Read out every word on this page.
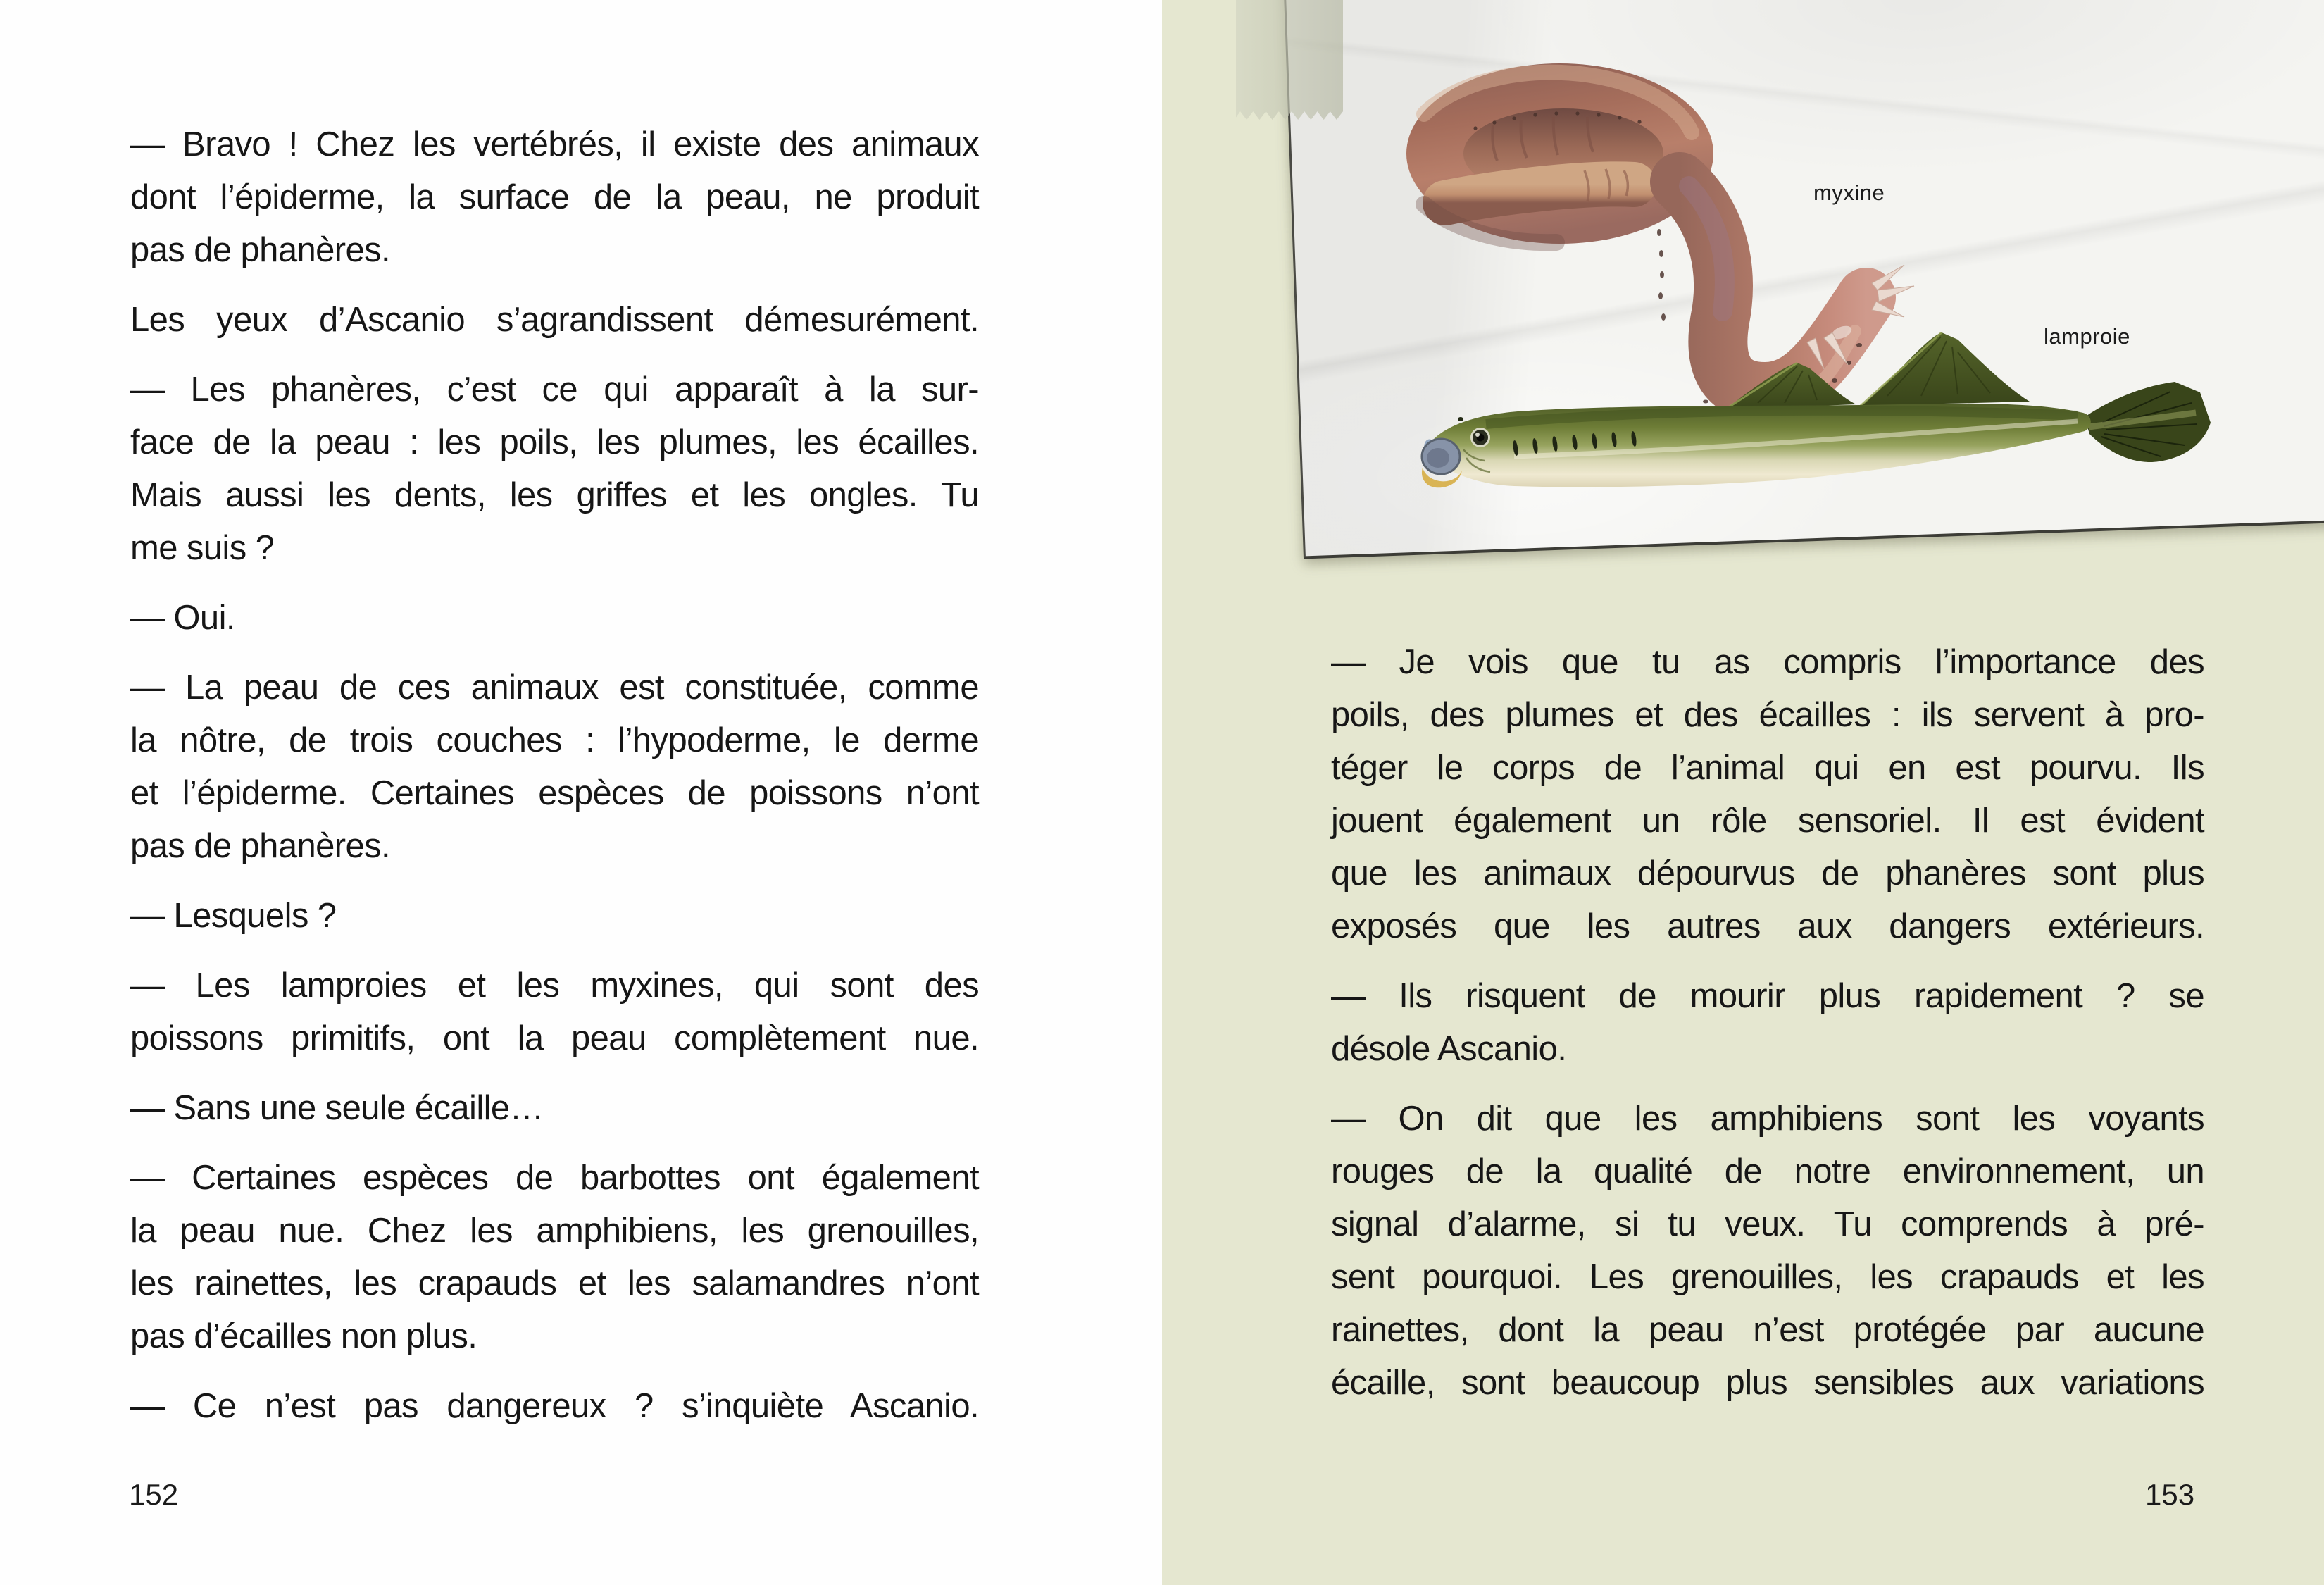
— Bravo ! Chez les vertébrés, il existe des animaux
dont l’épiderme, la surface de la peau, ne produit
pas de phanères.
Les yeux d’Ascanio s’agrandissent démesurément.
— Les phanères, c’est ce qui apparaît à la sur-
face de la peau : les poils, les plumes, les écailles.
Mais aussi les dents, les griffes et les ongles. Tu
me suis ?
— Oui.
— La peau de ces animaux est constituée, comme
la nôtre, de trois couches : l’hypoderme, le derme
et l’épiderme. Certaines espèces de poissons n’ont
pas de phanères.
— Lesquels ?
— Les lamproies et les myxines, qui sont des
poissons primitifs, ont la peau complètement nue.
— Sans une seule écaille…
— Certaines espèces de barbottes ont également
la peau nue. Chez les amphibiens, les grenouilles,
les rainettes, les crapauds et les salamandres n’ont
pas d’écailles non plus.
— Ce n’est pas dangereux ? s’inquiète Ascanio.
152
myxine
lamproie
— Je vois que tu as compris l’importance des
poils, des plumes et des écailles : ils servent à pro-
téger le corps de l’animal qui en est pourvu. Ils
jouent également un rôle sensoriel. Il est évident
que les animaux dépourvus de phanères sont plus
exposés que les autres aux dangers extérieurs.
— Ils risquent de mourir plus rapidement ? se
désole Ascanio.
— On dit que les amphibiens sont les voyants
rouges de la qualité de notre environnement, un
signal d’alarme, si tu veux. Tu comprends à pré-
sent pourquoi. Les grenouilles, les crapauds et les
rainettes, dont la peau n’est protégée par aucune
écaille, sont beaucoup plus sensibles aux variations
153
